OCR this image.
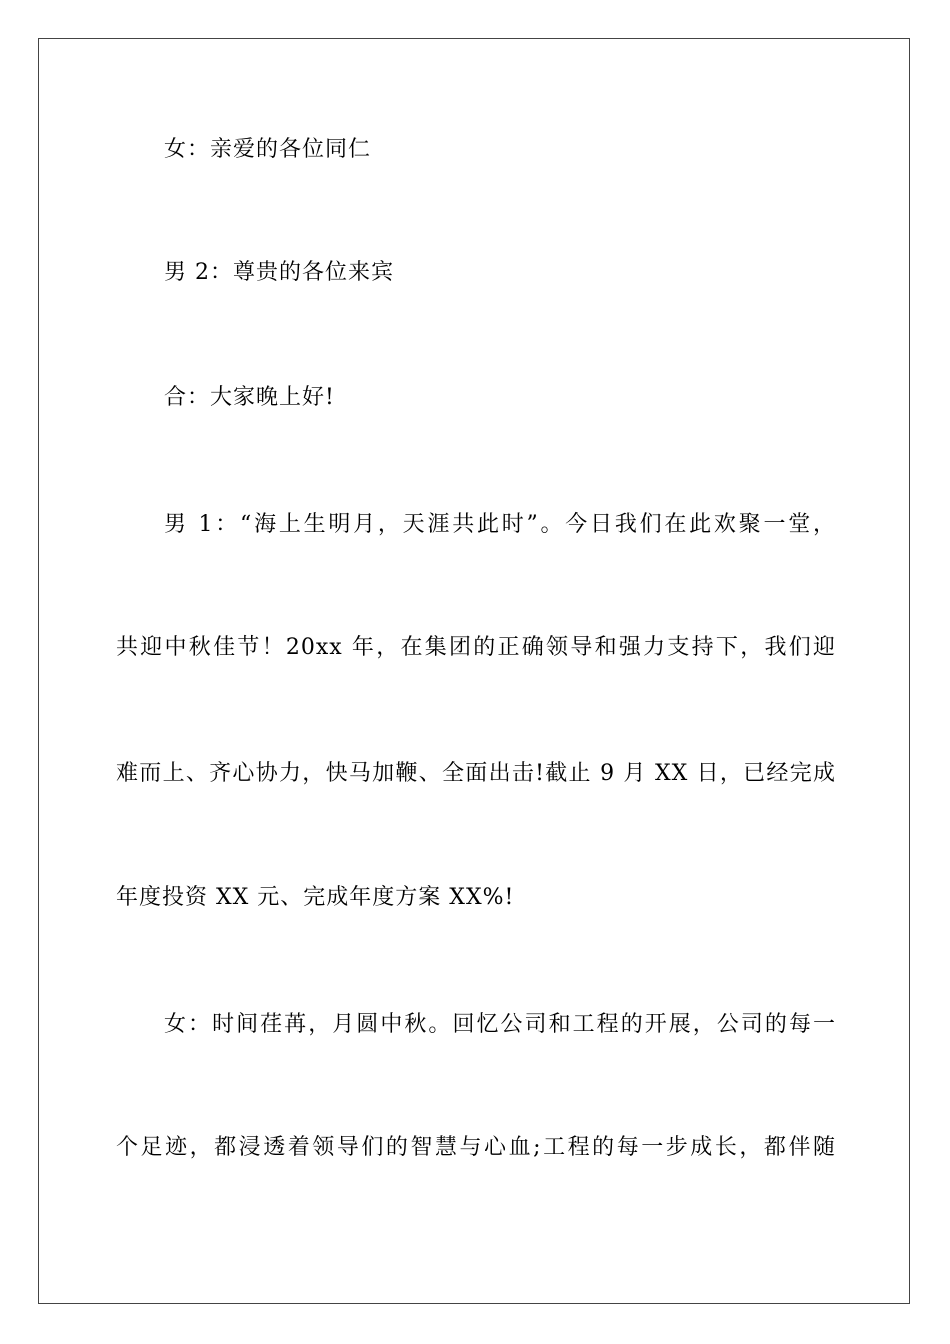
女：亲爱的各位同仁
男 2：尊贵的各位来宾
合：大家晚上好!
男 1：“海上生明月，天涯共此时”。今日我们在此欢聚一堂，
共迎中秋佳节！20xx 年，在集团的正确领导和强力支持下，我们迎
难而上、齐心协力，快马加鞭、全面出击!截止 9 月 XX 日，已经完成
年度投资 XX 元、完成年度方案 XX%!
女：时间荏苒，月圆中秋。回忆公司和工程的开展，公司的每一
个足迹，都浸透着领导们的智慧与心血;工程的每一步成长，都伴随
